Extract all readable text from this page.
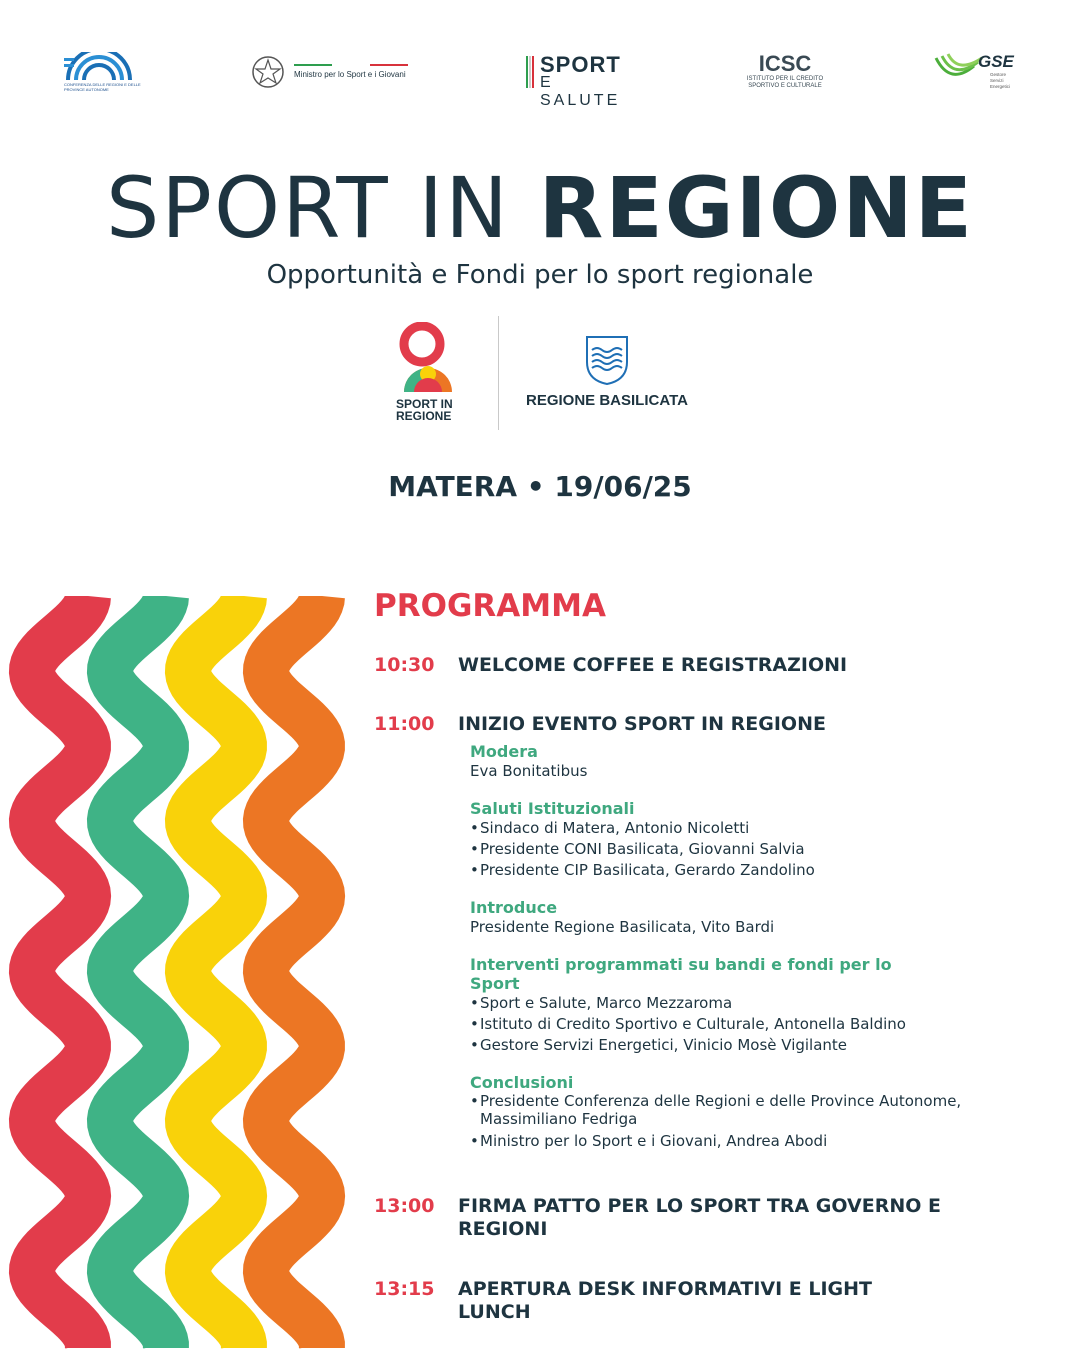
CONFERENZA DELLE REGIONI E DELLE PROVINCE AUTONOME
Ministro per lo Sport e i Giovani	SPORT
E SALUTE
ICSC
ISTITUTO PER IL CREDITO
SPORTIVO E CULTURALE
GSE
Gestore
Servizi
Energetici
SPORT IN REGIONE
Opportunità e Fondi per lo sport regionale
SPORT IN
REGIONE
REGIONE BASILICATA
MATERA • 19/06/25
PROGRAMMA
10:30 WELCOME COFFEE E REGISTRAZIONI
11:00 INIZIO EVENTO SPORT IN REGIONE
Modera
Eva Bonitatibus
Saluti Istituzionali
• Sindaco di Matera, Antonio Nicoletti
• Presidente CONI Basilicata, Giovanni Salvia
• Presidente CIP Basilicata, Gerardo Zandolino
Introduce
Presidente Regione Basilicata, Vito Bardi
Interventi programmati su bandi e fondi per lo Sport
• Sport e Salute, Marco Mezzaroma
• Istituto di Credito Sportivo e Culturale, Antonella Baldino
• Gestore Servizi Energetici, Vinicio Mosè Vigilante
Conclusioni
• Presidente Conferenza delle Regioni e delle Province Autonome, Massimiliano Fedriga
• Ministro per lo Sport e i Giovani, Andrea Abodi
13:00 FIRMA PATTO PER LO SPORT TRA GOVERNO E REGIONI
13:15 APERTURA DESK INFORMATIVI E LIGHT LUNCH
